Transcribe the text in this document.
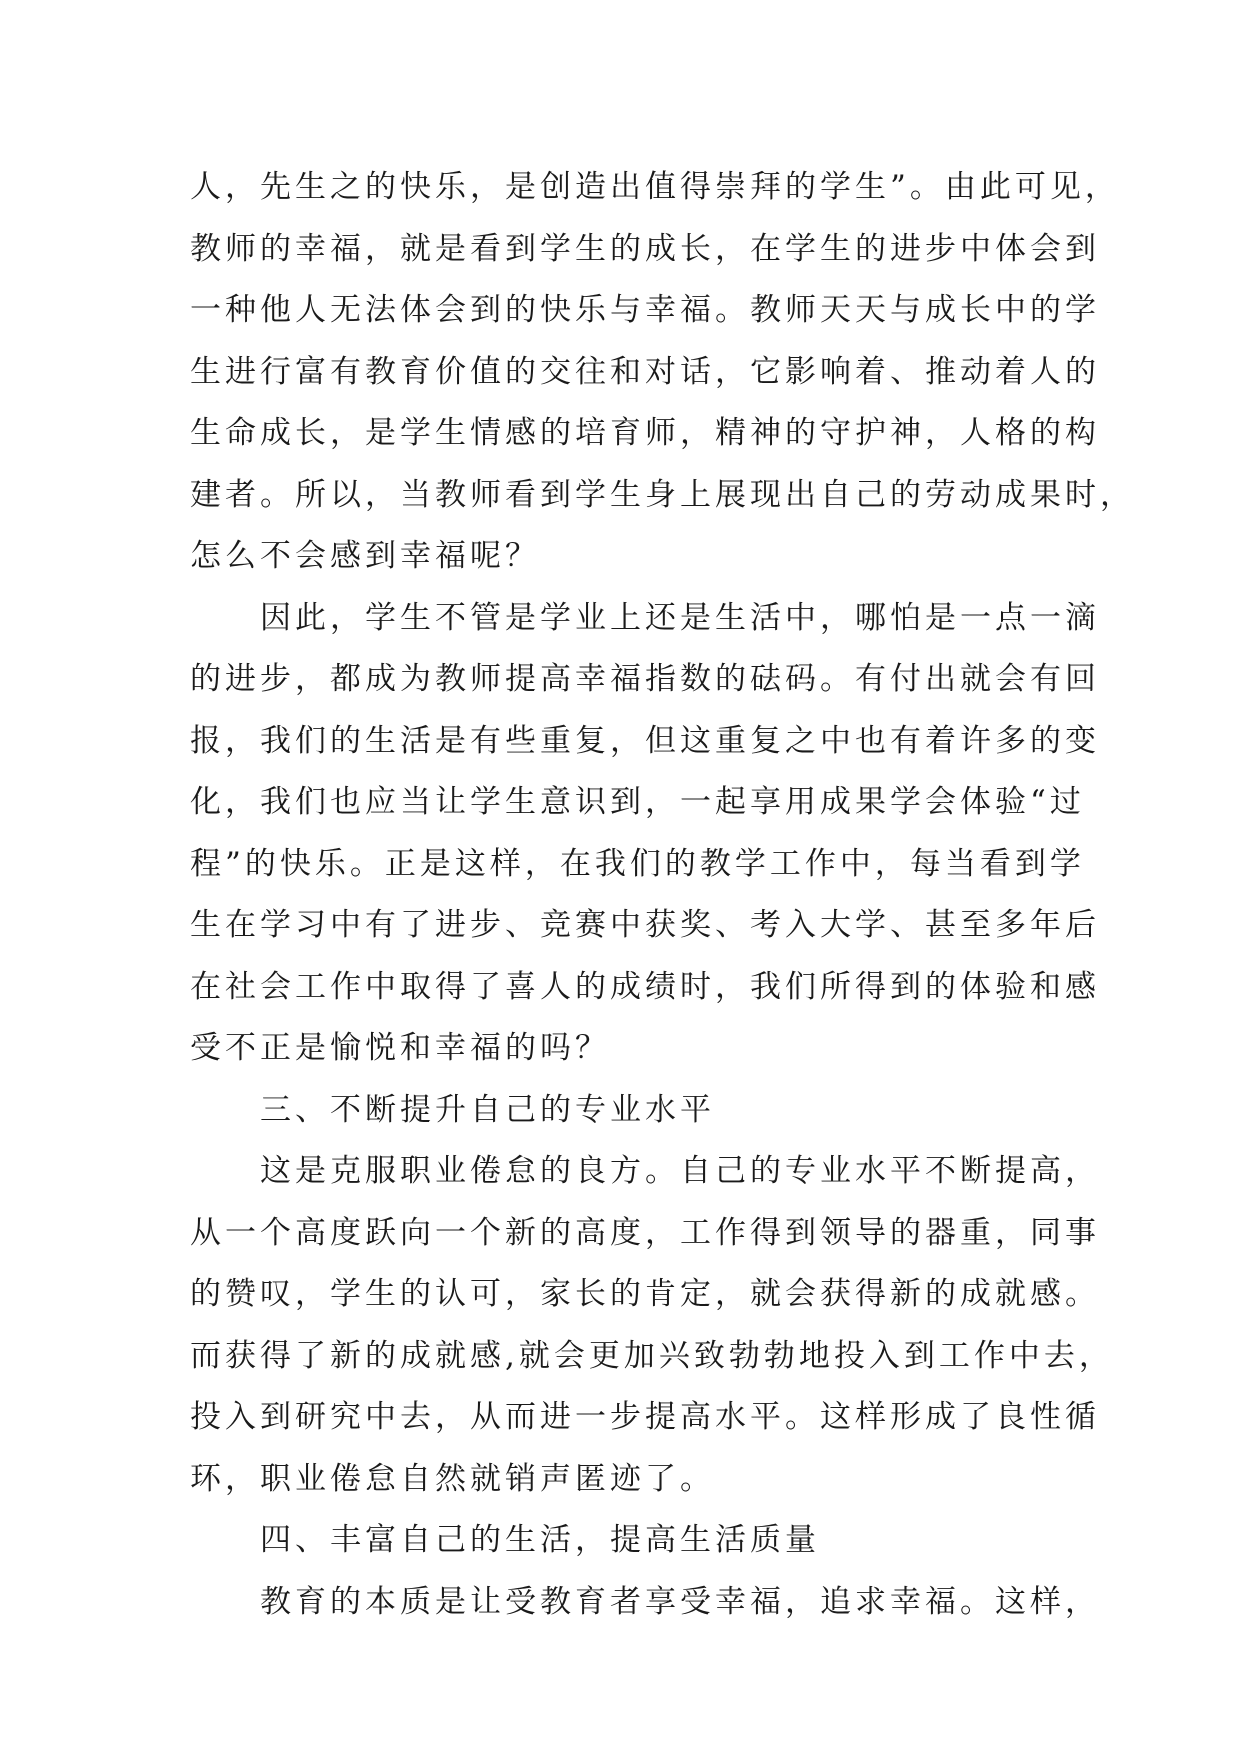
人，先生之的快乐，是创造出值得崇拜的学生”。由此可见，
教师的幸福，就是看到学生的成长，在学生的进步中体会到
一种他人无法体会到的快乐与幸福。教师天天与成长中的学
生进行富有教育价值的交往和对话，它影响着、推动着人的
生命成长，是学生情感的培育师，精神的守护神，人格的构
建者。所以，当教师看到学生身上展现出自己的劳动成果时，
怎么不会感到幸福呢？
　　因此，学生不管是学业上还是生活中，哪怕是一点一滴
的进步，都成为教师提高幸福指数的砝码。有付出就会有回
报，我们的生活是有些重复，但这重复之中也有着许多的变
化，我们也应当让学生意识到，一起享用成果学会体验“过
程”的快乐。正是这样，在我们的教学工作中，每当看到学
生在学习中有了进步、竞赛中获奖、考入大学、甚至多年后
在社会工作中取得了喜人的成绩时，我们所得到的体验和感
受不正是愉悦和幸福的吗？
　　三、不断提升自己的专业水平
　　这是克服职业倦怠的良方。自己的专业水平不断提高，
从一个高度跃向一个新的高度，工作得到领导的器重，同事
的赞叹，学生的认可，家长的肯定，就会获得新的成就感。
而获得了新的成就感,就会更加兴致勃勃地投入到工作中去，
投入到研究中去，从而进一步提高水平。这样形成了良性循
环，职业倦怠自然就销声匿迹了。
　　四、丰富自己的生活，提高生活质量
　　教育的本质是让受教育者享受幸福，追求幸福。这样，
